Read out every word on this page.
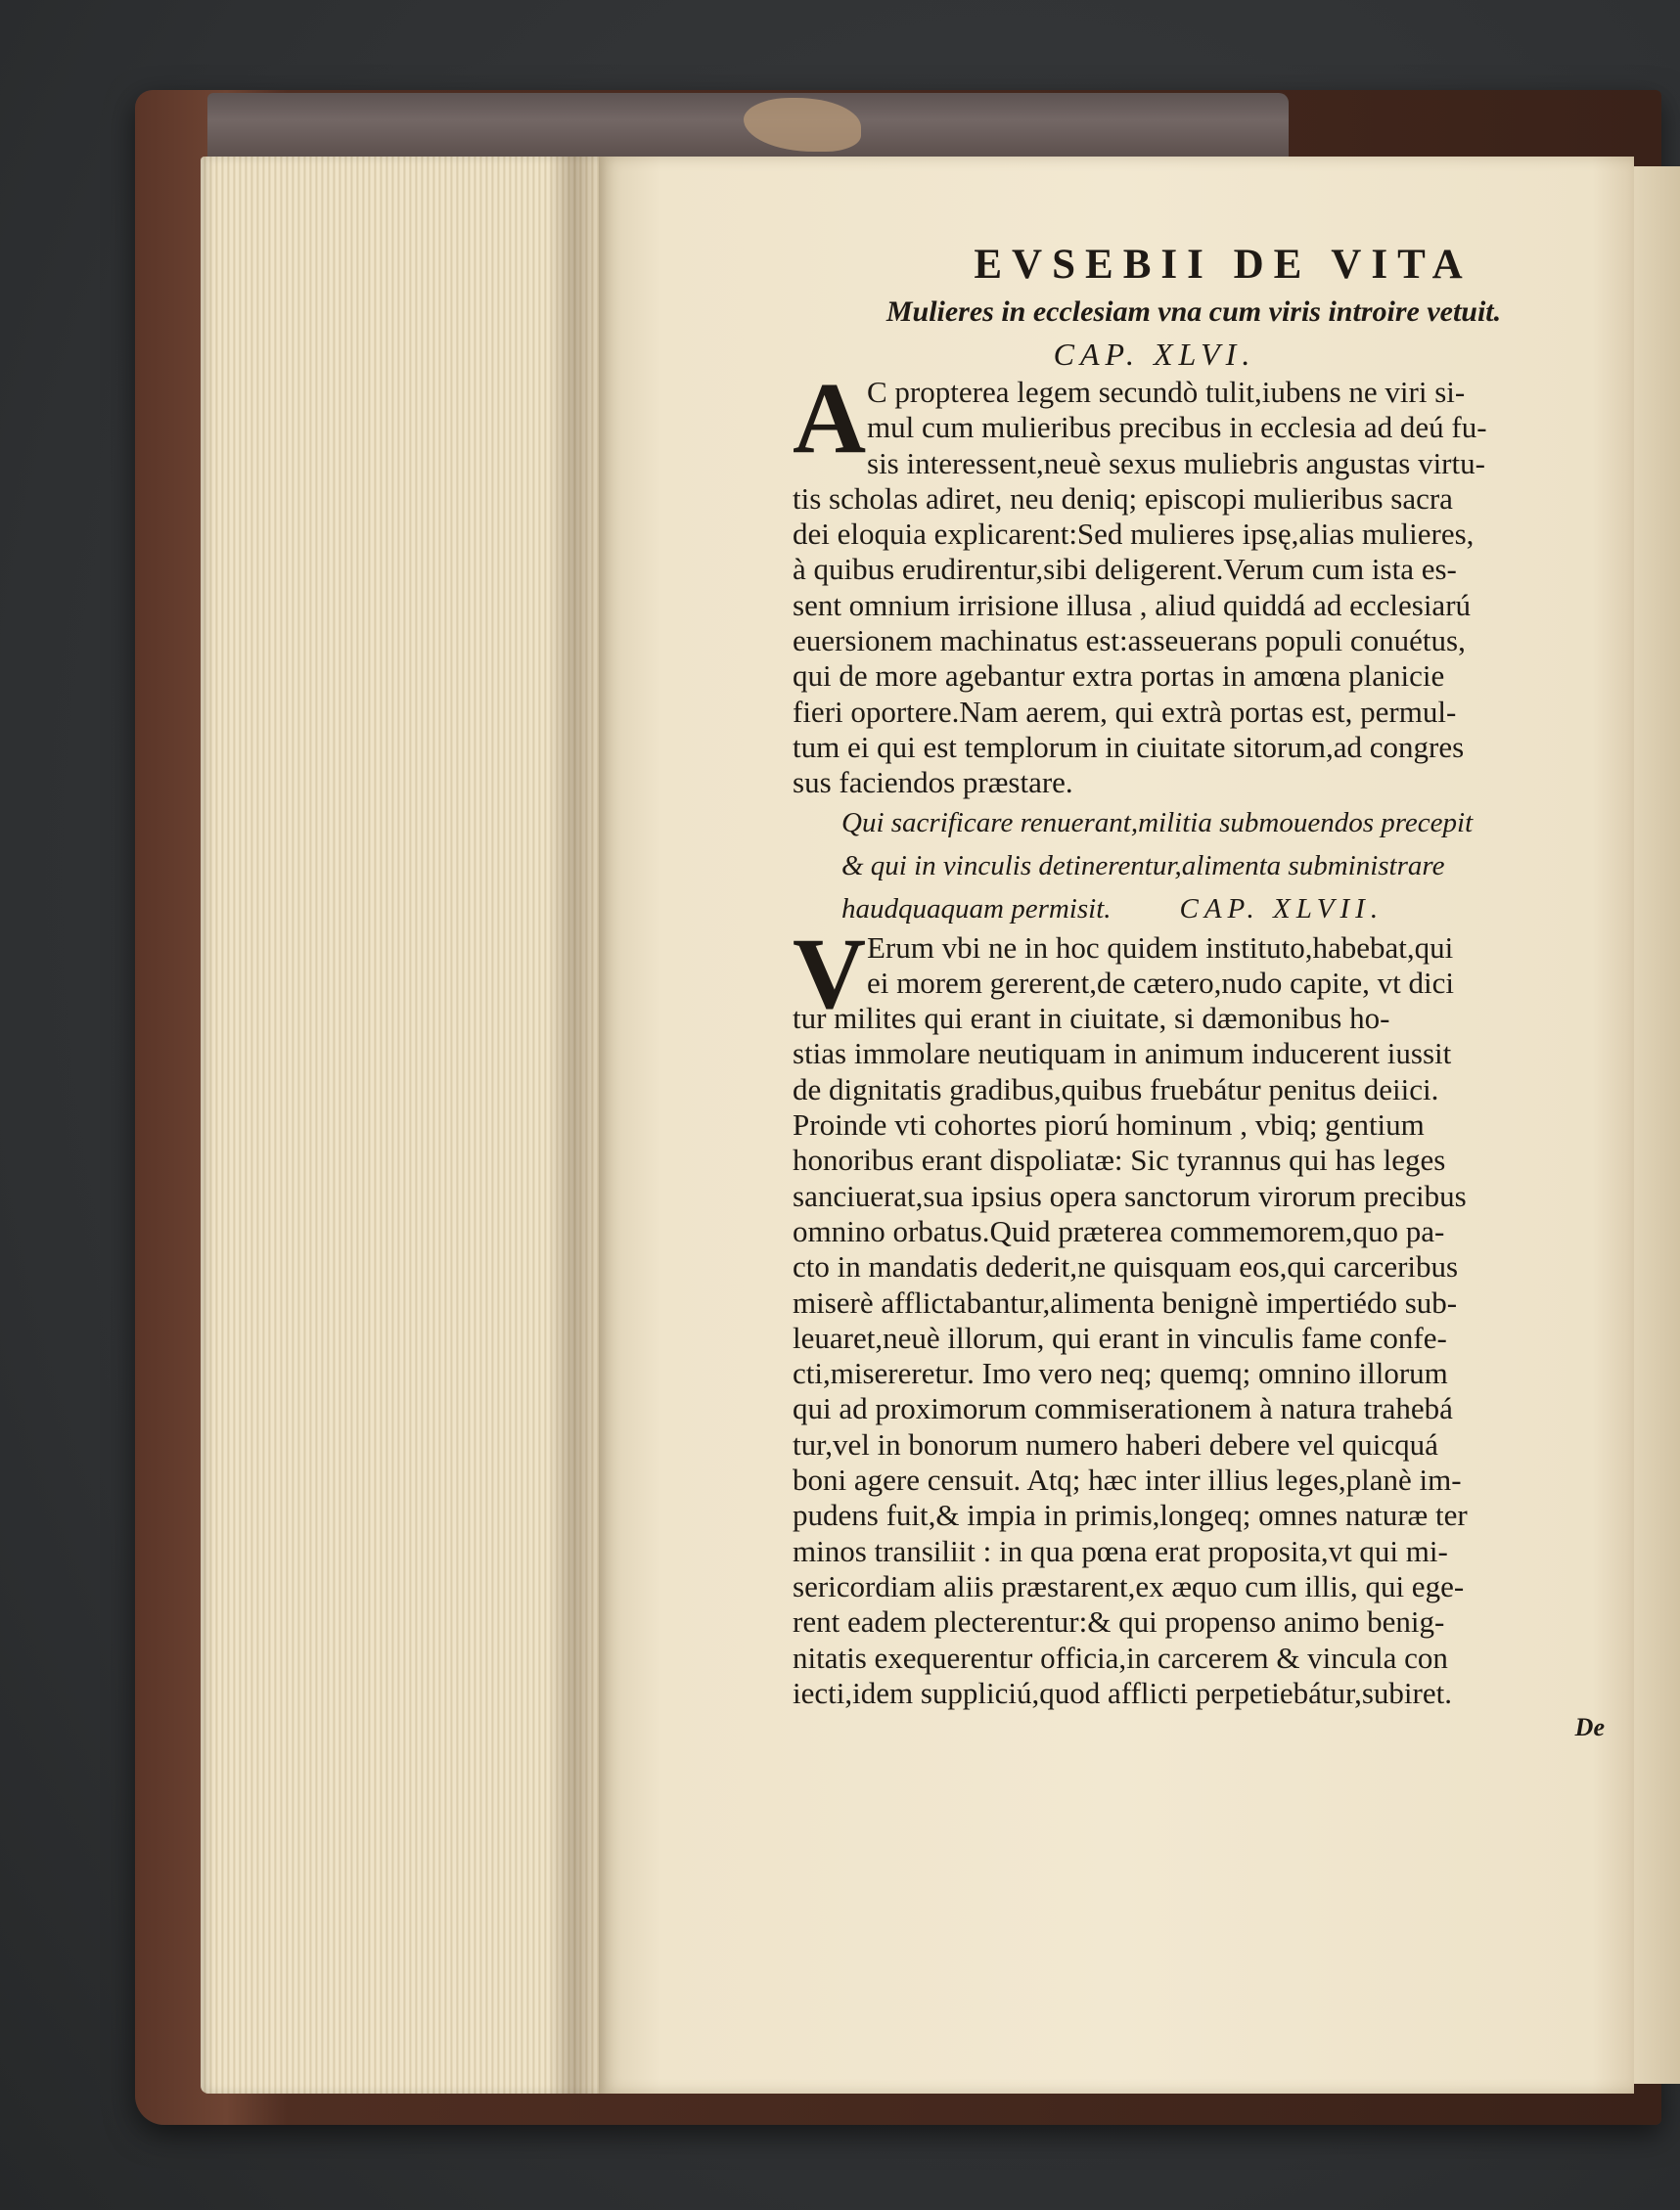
EVSEBII DE VITA
Mulieres in ecclesiam vna cum viris introire vetuit.
CAP. XLVI.
A C propterea legem secundò tulit,iubens ne viri si-
mul cum mulieribus precibus in ecclesia ad deú fu-
sis interessent,neuè sexus muliebris angustas virtu-
tis scholas adiret, neu deniq; episcopi mulieribus sacra
dei eloquia explicarent:Sed mulieres ipsę,alias mulieres,
à quibus erudirentur,sibi deligerent.Verum cum ista es-
sent omnium irrisione illusa , aliud quiddá ad ecclesiarú
euersionem machinatus est:asseuerans populi conuétus,
qui de more agebantur extra portas in amœna planicie
fieri oportere.Nam aerem, qui extrà portas est, permul-
tum ei qui est templorum in ciuitate sitorum,ad congres
sus faciendos præstare.
Qui sacrificare renuerant,militia submouendos precepit
& qui in vinculis detinerentur,alimenta subministrare
haudquaquam permisit. CAP. XLVII.
V Erum vbi ne in hoc quidem instituto,habebat,qui
ei morem gererent,de cætero,nudo capite, vt dici
tur milites qui erant in ciuitate, si dæmonibus ho-
stias immolare neutiquam in animum inducerent iussit
de dignitatis gradibus,quibus fruebátur penitus deiici.
Proinde vti cohortes piorú hominum , vbiq; gentium
honoribus erant dispoliatæ: Sic tyrannus qui has leges
sanciuerat,sua ipsius opera sanctorum virorum precibus
omnino orbatus.Quid præterea commemorem,quo pa-
cto in mandatis dederit,ne quisquam eos,qui carceribus
miserè afflictabantur,alimenta benignè impertiédo sub-
leuaret,neuè illorum, qui erant in vinculis fame confe-
cti,misereretur. Imo vero neq; quemq; omnino illorum
qui ad proximorum commiserationem à natura trahebá
tur,vel in bonorum numero haberi debere vel quicquá
boni agere censuit. Atq; hæc inter illius leges,planè im-
pudens fuit,& impia in primis,longeq; omnes naturæ ter
minos transiliit : in qua pœna erat proposita,vt qui mi-
sericordiam aliis præstarent,ex æquo cum illis, qui ege-
rent eadem plecterentur:& qui propenso animo benig-
nitatis exequerentur officia,in carcerem & vincula con
iecti,idem suppliciú,quod afflicti perpetiebátur,subiret.
De
